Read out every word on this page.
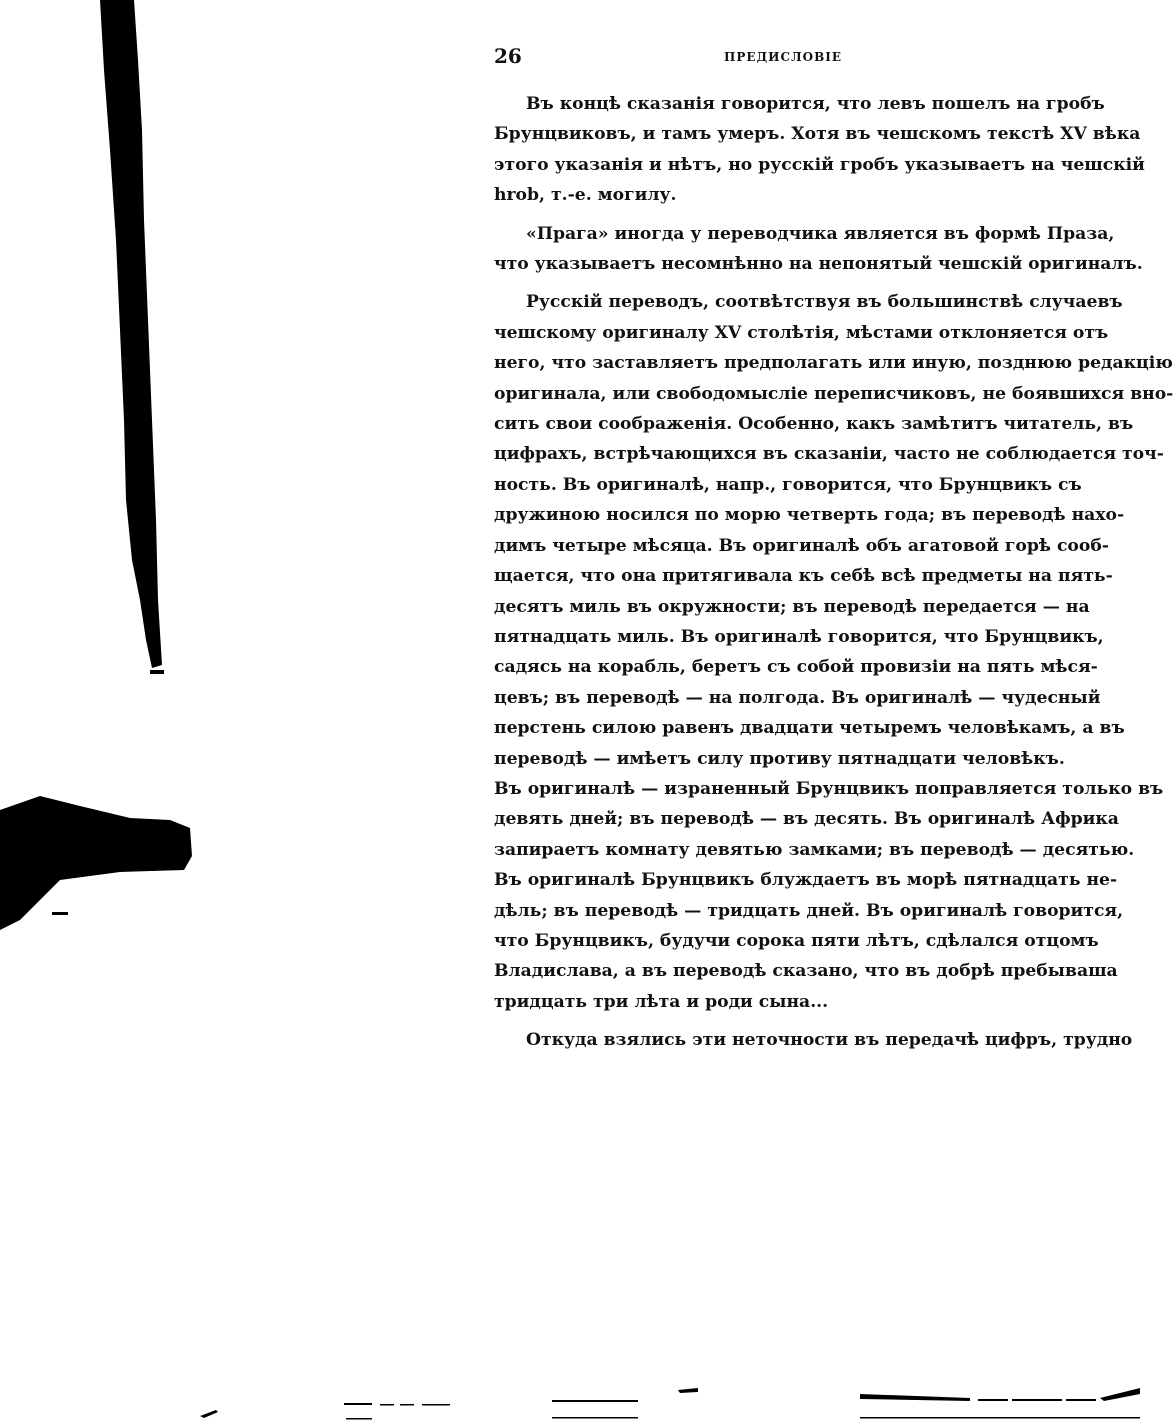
26	ПРЕДИСЛОВІЕ

Въ концѣ сказанія говорится, что левъ пошелъ на гробъ
Брунцвиковъ, и тамъ умеръ. Хотя въ чешскомъ текстѣ XV вѣка
этого указанія и нѣтъ, но русскій гробъ указываетъ на чешскій
hrob, т.-е. могилу.

«Прага» иногда у переводчика является въ формѣ Праза,
что указываетъ несомнѣнно на непонятый чешскій оригиналъ.

Русскій переводъ, соотвѣтствуя въ большинствѣ случаевъ
чешскому оригиналу XV столѣтія, мѣстами отклоняется отъ
него, что заставляетъ предполагать или иную, позднюю редакцію
оригинала, или свободомысліе переписчиковъ, не боявшихся вно-
сить свои соображенія. Особенно, какъ замѣтитъ читатель, въ
цифрахъ, встрѣчающихся въ сказаніи, часто не соблюдается точ-
ность. Въ оригиналѣ, напр., говорится, что Брунцвикъ съ
дружиною носился по морю четверть года; въ переводѣ нахо-
димъ четыре мѣсяца. Въ оригиналѣ объ агатовой горѣ сооб-
щается, что она притягивала къ себѣ всѣ предметы на пять-
десятъ миль въ окружности; въ переводѣ передается — на
пятнадцать миль. Въ оригиналѣ говорится, что Брунцвикъ,
садясь на корабль, беретъ съ собой провизіи на пять мѣся-
цевъ; въ переводѣ — на полгода. Въ оригиналѣ — чудесный
перстень силою равенъ двадцати четыремъ человѣкамъ, а въ
переводѣ — имѣетъ силу противу пятнадцати человѣкъ.
Въ оригиналѣ — израненный Брунцвикъ поправляется только въ
девять дней; въ переводѣ — въ десять. Въ оригиналѣ Африка
запираетъ комнату девятью замками; въ переводѣ — десятью.
Въ оригиналѣ Брунцвикъ блуждаетъ въ морѣ пятнадцать не-
дѣль; въ переводѣ — тридцать дней. Въ оригиналѣ говорится,
что Брунцвикъ, будучи сорока пяти лѣтъ, сдѣлался отцомъ
Владислава, а въ переводѣ сказано, что въ добрѣ пребываша
тридцать три лѣта и роди сына...

Откуда взялись эти неточности въ передачѣ цифръ, трудно
